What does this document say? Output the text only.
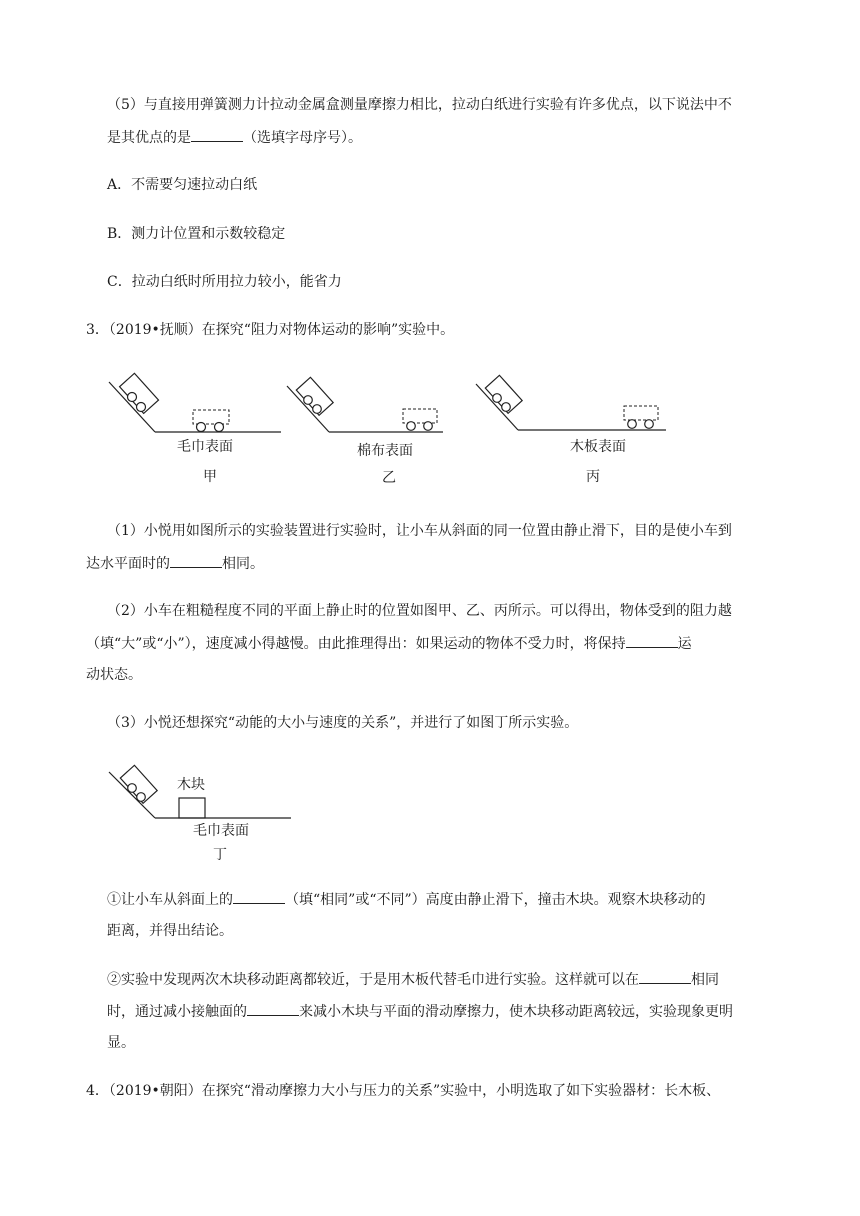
（5）与直接用弹簧测力计拉动金属盒测量摩擦力相比，拉动白纸进行实验有许多优点，以下说法中不
是其优点的是	（选填字母序号）。
A．不需要匀速拉动白纸
B．测力计位置和示数较稳定
C．拉动白纸时所用拉力较小，能省力
3．（2019•抚顺）在探究“阻力对物体运动的影响”实验中。
毛巾表面
甲
棉布表面
乙
木板表面
丙
（1）小悦用如图所示的实验装置进行实验时，让小车从斜面的同一位置由静止滑下，目的是使小车到
达水平面时的	相同。
（2）小车在粗糙程度不同的平面上静止时的位置如图甲、乙、丙所示。可以得出，物体受到的阻力越
（填“大”或“小”），速度减小得越慢。由此推理得出：如果运动的物体不受力时，将保持	运
动状态。
（3）小悦还想探究“动能的大小与速度的关系”，并进行了如图丁所示实验。
木块
毛巾表面
丁
①让小车从斜面上的	（填“相同”或“不同”）高度由静止滑下，撞击木块。观察木块移动的
距离，并得出结论。
②实验中发现两次木块移动距离都较近，于是用木板代替毛巾进行实验。这样就可以在	相同
时，通过减小接触面的	来减小木块与平面的滑动摩擦力，使木块移动距离较远，实验现象更明
显。
4．（2019•朝阳）在探究“滑动摩擦力大小与压力的关系”实验中，小明选取了如下实验器材：长木板、
